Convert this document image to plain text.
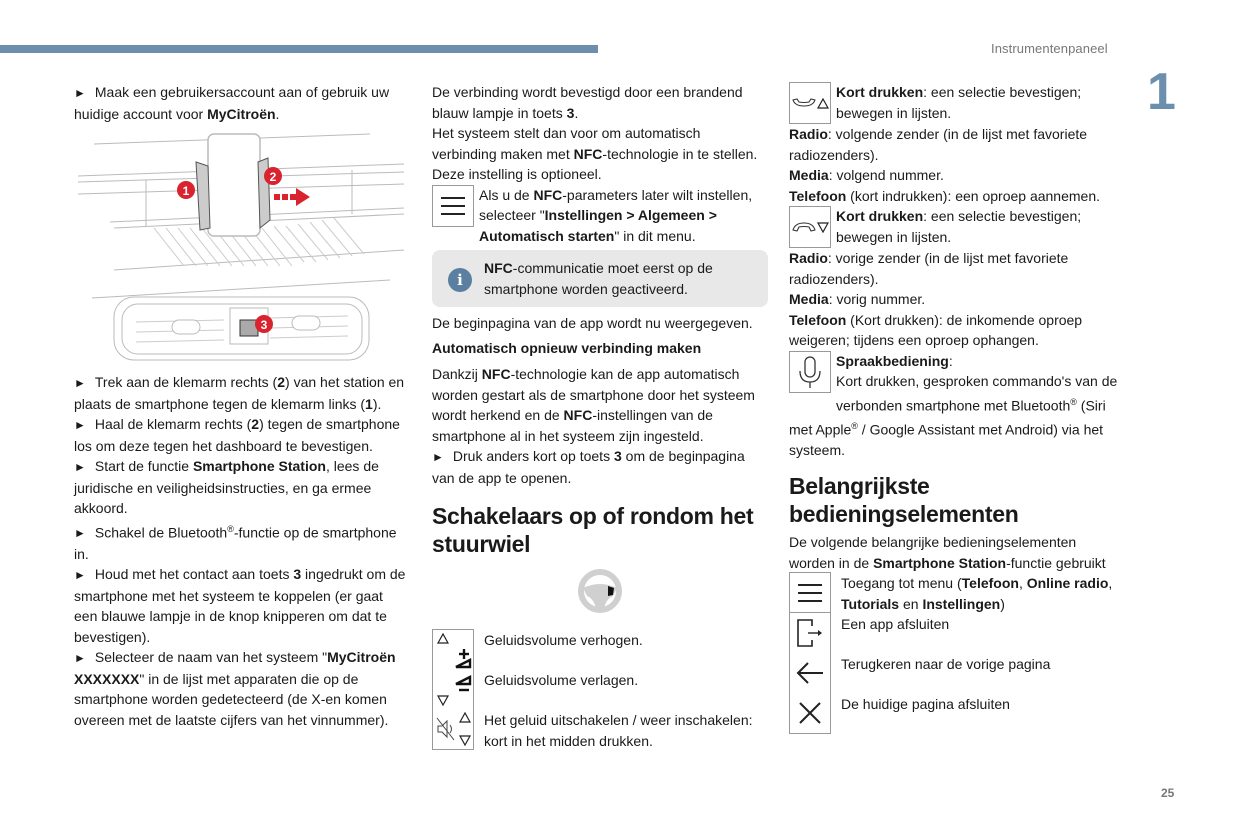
Instrumentenpaneel
1

► Maak een gebruikersaccount aan of gebruik uw huidige account voor MyCitroën.

1
2
3

► Trek aan de klemarm rechts (2) van het station en plaats de smartphone tegen de klemarm links (1).

► Haal de klemarm rechts (2) tegen de smartphone los om deze tegen het dashboard te bevestigen.

► Start de functie Smartphone Station, lees de juridische en veiligheidsinstructies, en ga ermee akkoord.

► Schakel de Bluetooth®-functie op de smartphone in.

► Houd met het contact aan toets 3 ingedrukt om de smartphone met het systeem te koppelen (er gaat een blauwe lampje in de knop knipperen om dat te bevestigen).

► Selecteer de naam van het systeem "MyCitroën XXXXXXX" in de lijst met apparaten die op de smartphone worden gedetecteerd (de X-en komen overeen met de laatste cijfers van het vinnummer).

De verbinding wordt bevestigd door een brandend blauw lampje in toets 3.

Het systeem stelt dan voor om automatisch verbinding maken met NFC-technologie in te stellen. Deze instelling is optioneel.

Als u de NFC-parameters later wilt instellen, selecteer "Instellingen > Algemeen > Automatisch starten" in dit menu.

i

NFC-communicatie moet eerst op de smartphone worden geactiveerd.

De beginpagina van de app wordt nu weergegeven.

Automatisch opnieuw verbinding maken

Dankzij NFC-technologie kan de app automatisch worden gestart als de smartphone door het systeem wordt herkend en de NFC-instellingen van de smartphone al in het systeem zijn ingesteld.

► Druk anders kort op toets 3 om de beginpagina van de app te openen.

Schakelaars op of rondom het stuurwiel

Geluidsvolume verhogen.

Geluidsvolume verlagen.

Het geluid uitschakelen / weer inschakelen: kort in het midden drukken.

Kort drukken: een selectie bevestigen; bewegen in lijsten.

Radio: volgende zender (in de lijst met favoriete radiozenders).

Media: volgend nummer.

Telefoon (kort indrukken): een oproep aannemen.

Kort drukken: een selectie bevestigen; bewegen in lijsten.

Radio: vorige zender (in de lijst met favoriete radiozenders).

Media: vorig nummer.

Telefoon (Kort drukken): de inkomende oproep weigeren; tijdens een oproep ophangen.

Spraakbediening:
Kort drukken, gesproken commando's van de verbonden smartphone met Bluetooth® (Siri met Apple® / Google Assistant met Android) via het systeem.

Belangrijkste bedieningselementen

De volgende belangrijke bedieningselementen worden in de Smartphone Station-functie gebruikt

Toegang tot menu (Telefoon, Online radio, Tutorials en Instellingen)

Een app afsluiten

Terugkeren naar de vorige pagina

De huidige pagina afsluiten

25
